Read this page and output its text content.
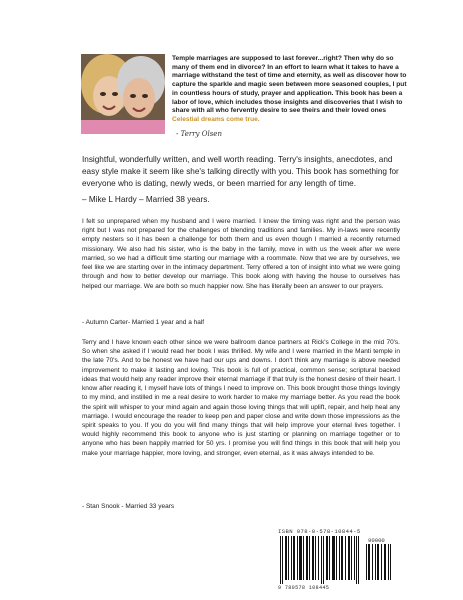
Temple marriages are supposed to last forever...right? Then why do so many of them end in divorce? In an effort to learn what it takes to have a marriage withstand the test of time and eternity, as well as discover how to capture the sparkle and magic seen between more seasoned couples, I put in countless hours of study, prayer and application. This book has been a labor of love, which includes those insights and discoveries that I wish to share with all who fervently desire to see theirs and their loved ones Celestial dreams come true.
- Terry Olsen
Insightful, wonderfully written, and well worth reading. Terry's insights, anecdotes, and easy style make it seem like she's talking directly with you. This book has something for everyone who is dating, newly weds, or been married for any length of time.
– Mike L Hardy – Married 38 years.
I felt so unprepared when my husband and I were married. I knew the timing was right and the person was right but I was not prepared for the challenges of blending traditions and families. My in-laws were recently empty nesters so it has been a challenge for both them and us even though I married a recently returned missionary. We also had his sister, who is the baby in the family, move in with us the week after we were married, so we had a difficult time starting our marriage with a roommate. Now that we are by ourselves, we feel like we are starting over in the intimacy department. Terry offered a ton of insight into what we were going through and how to better develop our marriage. This book along with having the house to ourselves has helped our marriage. We are both so much happier now. She has literally been an answer to our prayers.
- Autumn Carter- Married 1 year and a half
Terry and I have known each other since we were ballroom dance partners at Rick's College in the mid 70's. So when she asked if I would read her book I was thrilled. My wife and I were married in the Manti temple in the late 70's. And to be honest we have had our ups and downs. I don't think any marriage is above needed improvement to make it lasting and loving. This book is full of practical, common sense; scriptural backed ideas that would help any reader improve their eternal marriage if that truly is the honest desire of their heart. I know after reading it, I myself have lots of things I need to improve on. This book brought those things lovingly to my mind, and instilled in me a real desire to work harder to make my marriage better. As you read the book the spirit will whisper to your mind again and again those loving things that will uplift, repair, and help heal any marriage. I would encourage the reader to keep pen and paper close and write down those impressions as the spirit speaks to you. If you do you will find many things that will help improve your eternal lives together. I would highly recommend this book to anyone who is just starting or planning on marriage together or to anyone who has been happily married for 50 yrs. I promise you will find things in this book that will help you make your marriage happier, more loving, and stronger, even eternal, as it was always intended to be.
- Stan Snook - Married 33 years
ISBN 978-0-578-10844-5
90000
9 780578 108445
